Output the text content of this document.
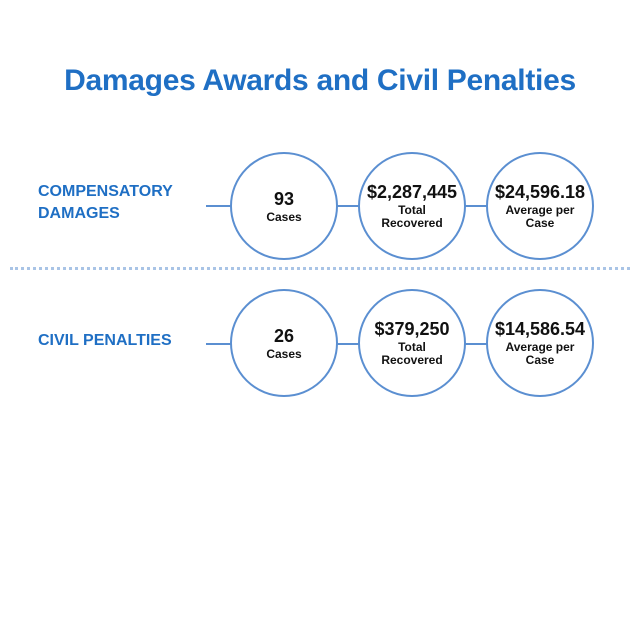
Damages Awards and Civil Penalties
COMPENSATORY
DAMAGES
93
Cases
$2,287,445
Total
Recovered
$24,596.18
Average per
Case
CIVIL PENALTIES	26
Cases
$379,250
Total
Recovered
$14,586.54
Average per
Case
